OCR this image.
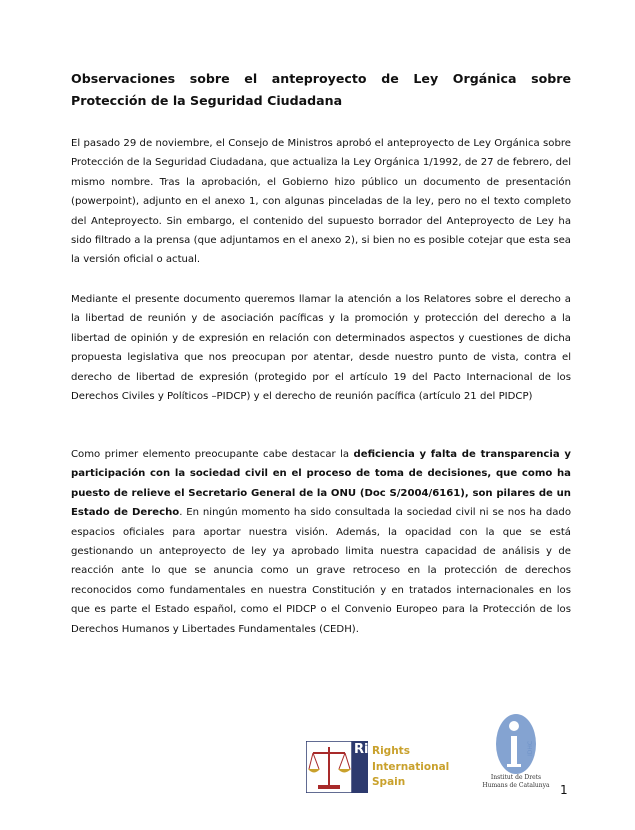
Observaciones sobre el anteproyecto de Ley Orgánica sobre
Protección de la Seguridad Ciudadana

El pasado 29 de noviembre, el Consejo de Ministros aprobó el anteproyecto de Ley Orgánica sobre Protección de la Seguridad Ciudadana, que actualiza la Ley Orgánica 1/1992, de 27 de febrero, del mismo nombre. Tras la aprobación, el Gobierno hizo público un documento de presentación (powerpoint), adjunto en el anexo 1, con algunas pinceladas de la ley, pero no el texto completo del Anteproyecto. Sin embargo, el contenido del supuesto borrador del Anteproyecto de Ley ha sido filtrado a la prensa (que adjuntamos en el anexo 2), si bien no es posible cotejar que esta sea la versión oficial o actual.

Mediante el presente documento queremos llamar la atención a los Relatores sobre el derecho a la libertad de reunión y de asociación pacíficas y la promoción y protección del derecho a la libertad de opinión y de expresión en relación con determinados aspectos y cuestiones de dicha propuesta legislativa que nos preocupan por atentar, desde nuestro punto de vista, contra el derecho de libertad de expresión (protegido por el artículo 19 del Pacto Internacional de los Derechos Civiles y Políticos –PIDCP) y el derecho de reunión pacífica (artículo 21 del PIDCP)

Como primer elemento preocupante cabe destacar la deficiencia y falta de transparencia y participación con la sociedad civil en el proceso de toma de decisiones, que como ha puesto de relieve el Secretario General de la ONU (Doc S/2004/6161), son pilares de un Estado de Derecho. En ningún momento ha sido consultada la sociedad civil ni se nos ha dado espacios oficiales para aportar nuestra visión. Además, la opacidad con la que se está gestionando un anteproyecto de ley ya aprobado limita nuestra capacidad de análisis y de reacción ante lo que se anuncia como un grave retroceso en la protección de derechos reconocidos como fundamentales en nuestra Constitución y en tratados internacionales en los que es parte el Estado español, como el PIDCP o el Convenio Europeo para la Protección de los Derechos Humanos y Libertades Fundamentales (CEDH).

RiS
Rights
International
Spain
IDHC
Institut de Drets
Humans de Catalunya 1
